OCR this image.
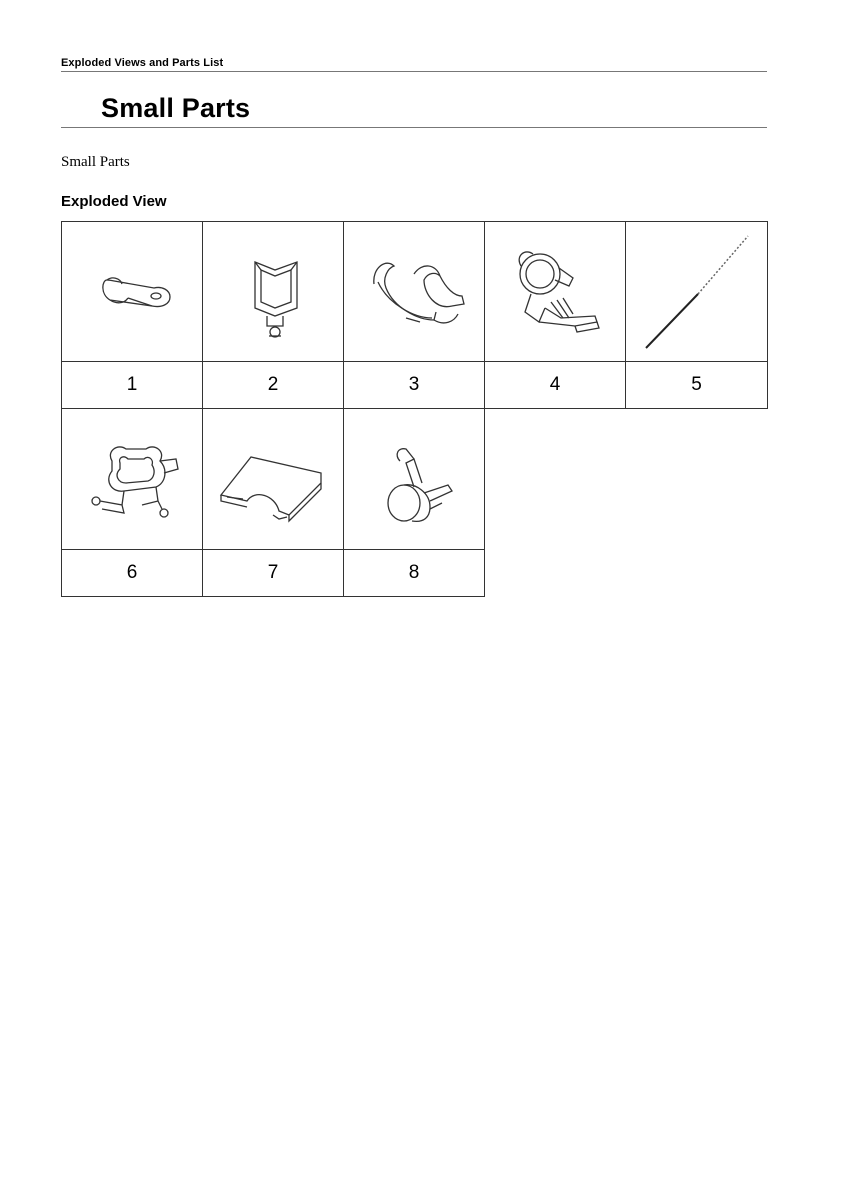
Exploded Views and Parts List
Small Parts
Small Parts
Exploded View
1	2	3	4	5
6	7	8
